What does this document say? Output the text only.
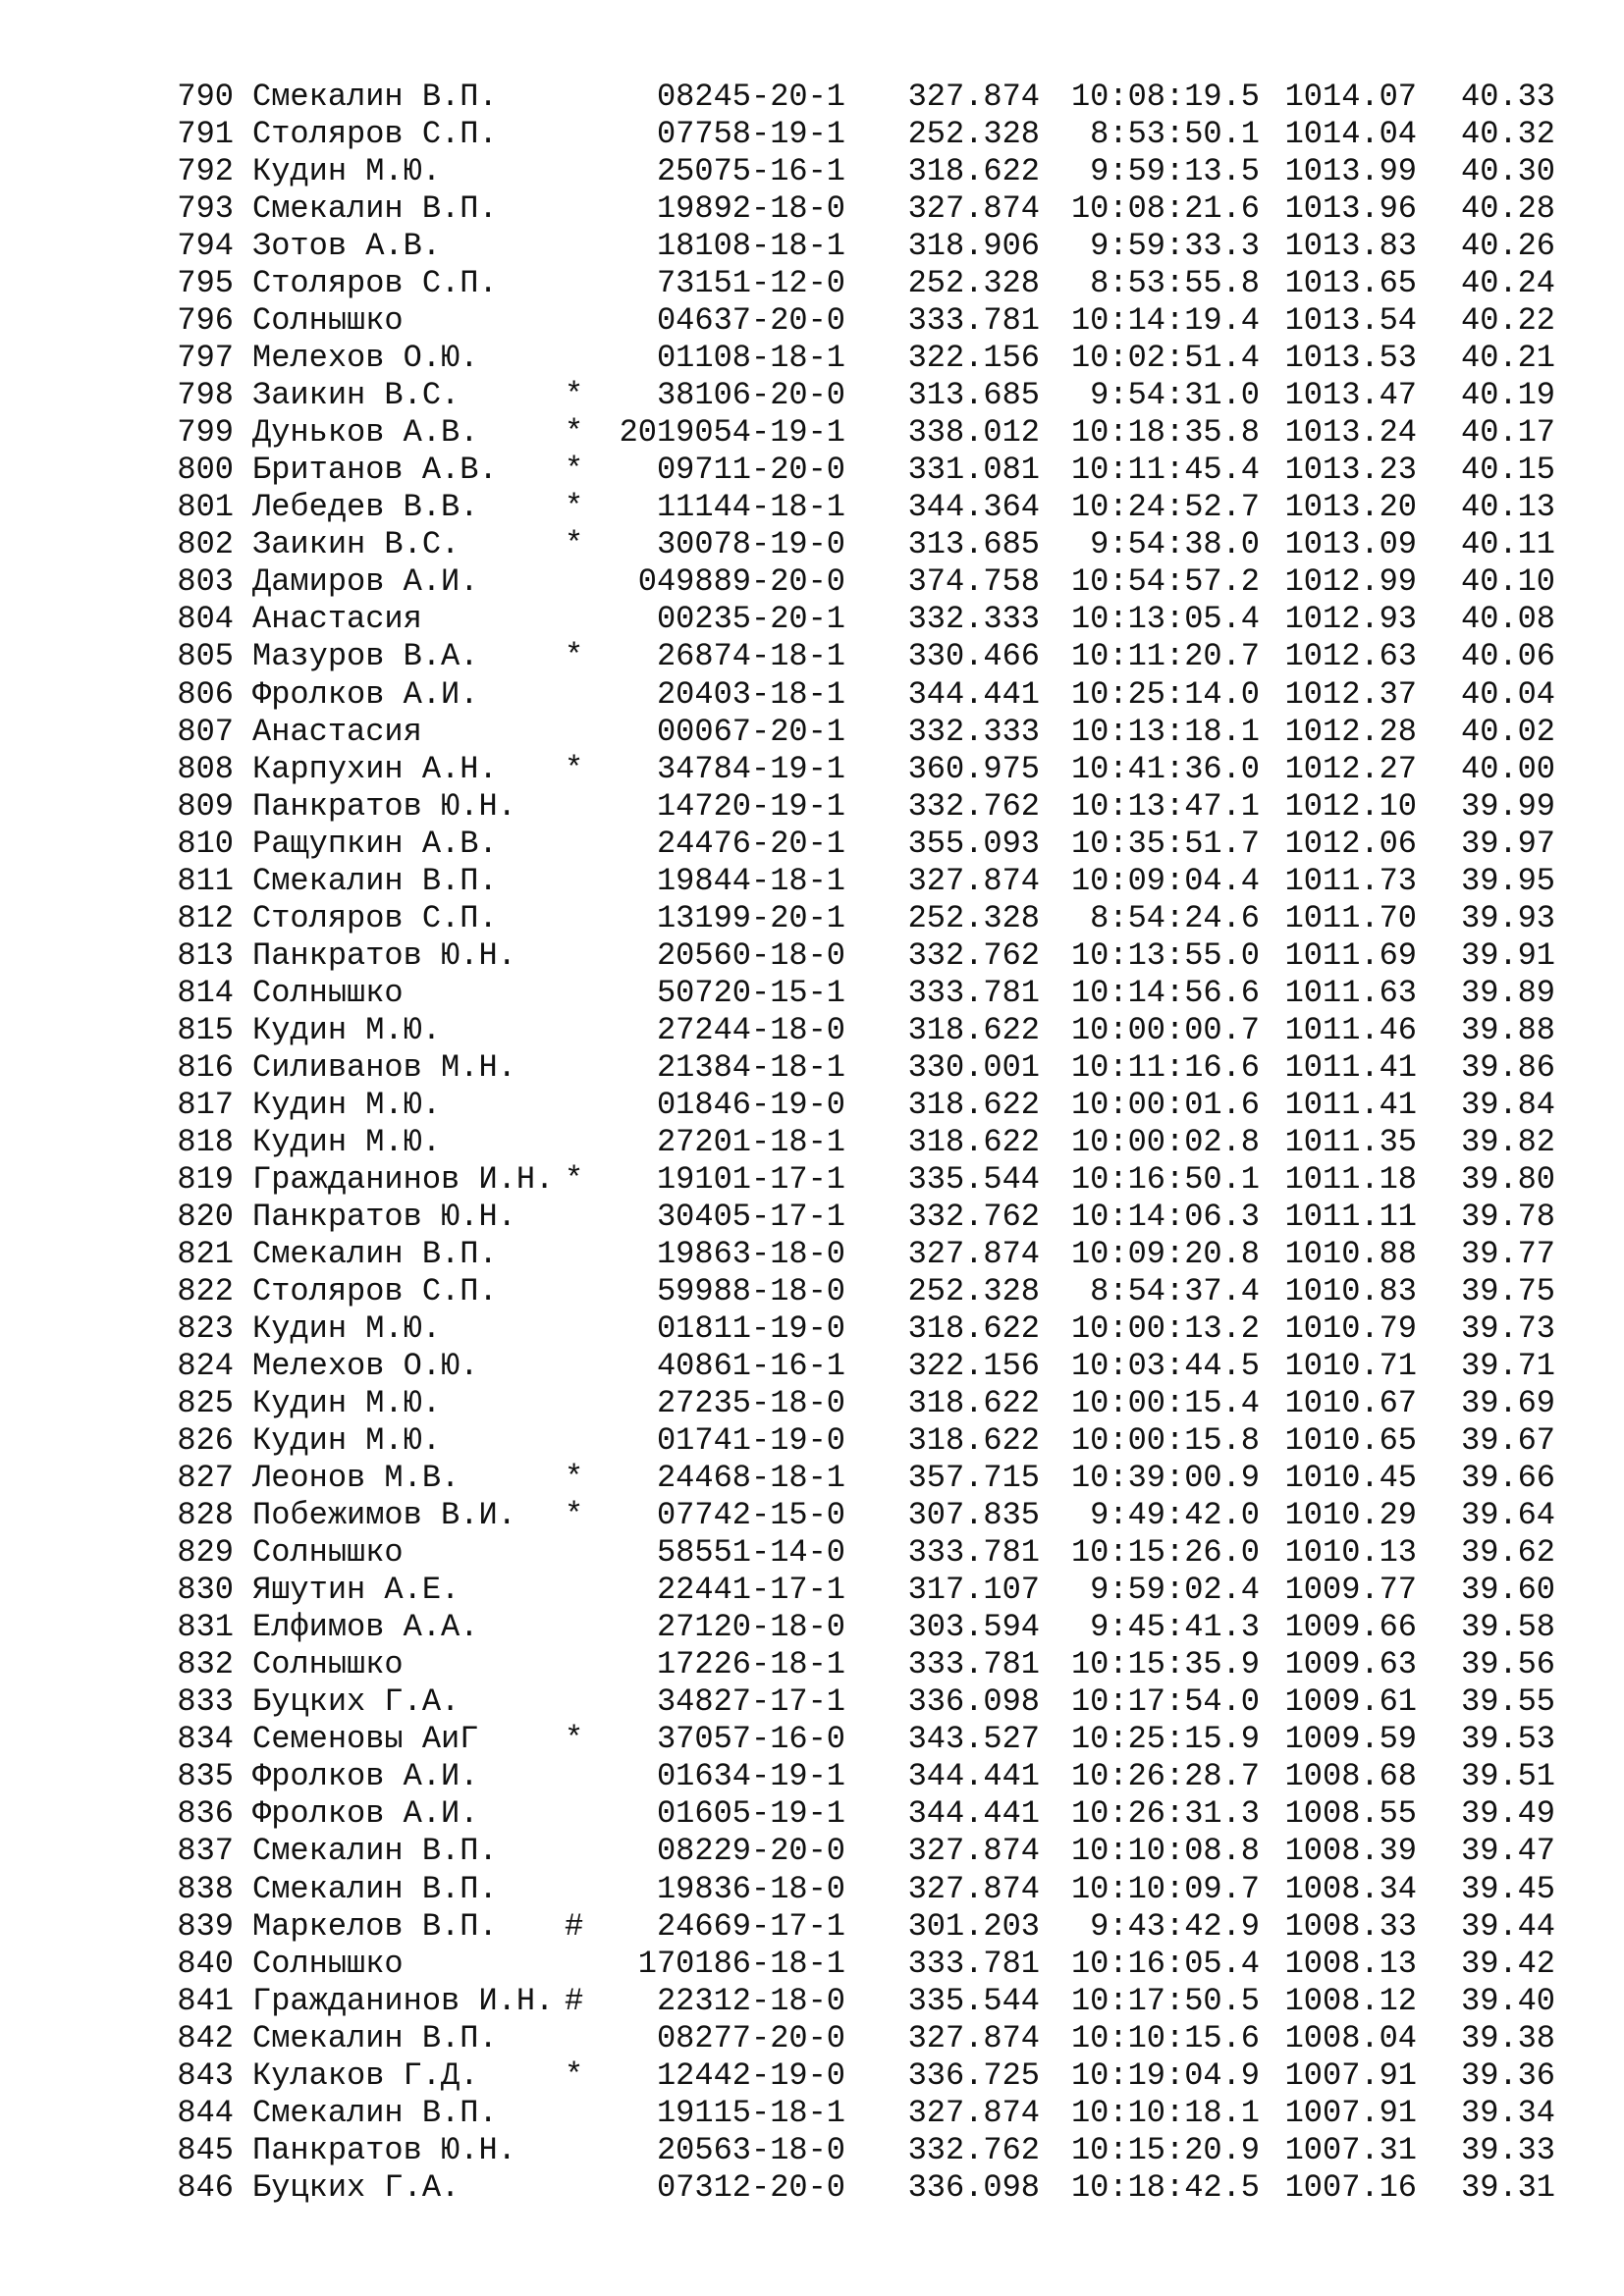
790 Смекалин В.П.	08245-20-1	327.874 10:08:19.5 1014.07	40.33
791 Столяров С.П.	07758-19-1	252.328	8:53:50.1 1014.04	40.32
792 Кудин М.Ю.	25075-16-1	318.622	9:59:13.5 1013.99	40.30
793 Смекалин В.П.	19892-18-0	327.874 10:08:21.6 1013.96	40.28
794 Зотов А.В.	18108-18-1	318.906	9:59:33.3 1013.83	40.26
795 Столяров С.П.	73151-12-0	252.328	8:53:55.8 1013.65	40.24
796 Солнышко	04637-20-0	333.781 10:14:19.4 1013.54	40.22
797 Мелехов О.Ю.	01108-18-1	322.156 10:02:51.4 1013.53	40.21
798 Заикин В.С.	*	38106-20-0	313.685	9:54:31.0 1013.47	40.19
799 Дуньков А.В.	*	2019054-19-1	338.012 10:18:35.8 1013.24	40.17
800 Британов А.В.	*	09711-20-0	331.081 10:11:45.4 1013.23	40.15
801 Лебедев В.В.	*	11144-18-1	344.364 10:24:52.7 1013.20	40.13
802 Заикин В.С.	*	30078-19-0	313.685	9:54:38.0 1013.09	40.11
803 Дамиров А.И.	049889-20-0	374.758 10:54:57.2 1012.99	40.10
804 Анастасия	00235-20-1	332.333 10:13:05.4 1012.93	40.08
805 Мазуров В.А.	*	26874-18-1	330.466 10:11:20.7 1012.63	40.06
806 Фролков А.И.	20403-18-1	344.441 10:25:14.0 1012.37	40.04
807 Анастасия	00067-20-1	332.333 10:13:18.1 1012.28	40.02
808 Карпухин А.Н.	*	34784-19-1	360.975 10:41:36.0 1012.27	40.00
809 Панкратов Ю.Н.	14720-19-1	332.762 10:13:47.1 1012.10	39.99
810 Ращупкин А.В.	24476-20-1	355.093 10:35:51.7 1012.06	39.97
811 Смекалин В.П.	19844-18-1	327.874 10:09:04.4 1011.73	39.95
812 Столяров С.П.	13199-20-1	252.328	8:54:24.6 1011.70	39.93
813 Панкратов Ю.Н.	20560-18-0	332.762 10:13:55.0 1011.69	39.91
814 Солнышко	50720-15-1	333.781 10:14:56.6 1011.63	39.89
815 Кудин М.Ю.	27244-18-0	318.622 10:00:00.7 1011.46	39.88
816 Силиванов М.Н.	21384-18-1	330.001 10:11:16.6 1011.41	39.86
817 Кудин М.Ю.	01846-19-0	318.622 10:00:01.6 1011.41	39.84
818 Кудин М.Ю.	27201-18-1	318.622 10:00:02.8 1011.35	39.82
819 Гражданинов И.Н. *	19101-17-1	335.544 10:16:50.1 1011.18	39.80
820 Панкратов Ю.Н.	30405-17-1	332.762 10:14:06.3 1011.11	39.78
821 Смекалин В.П.	19863-18-0	327.874 10:09:20.8 1010.88	39.77
822 Столяров С.П.	59988-18-0	252.328	8:54:37.4 1010.83	39.75
823 Кудин М.Ю.	01811-19-0	318.622 10:00:13.2 1010.79	39.73
824 Мелехов О.Ю.	40861-16-1	322.156 10:03:44.5 1010.71	39.71
825 Кудин М.Ю.	27235-18-0	318.622 10:00:15.4 1010.67	39.69
826 Кудин М.Ю.	01741-19-0	318.622 10:00:15.8 1010.65	39.67
827 Леонов М.В.	*	24468-18-1	357.715 10:39:00.9 1010.45	39.66
828 Побежимов В.И.	*	07742-15-0	307.835	9:49:42.0 1010.29	39.64
829 Солнышко	58551-14-0	333.781 10:15:26.0 1010.13	39.62
830 Яшутин А.Е.	22441-17-1	317.107	9:59:02.4 1009.77	39.60
831 Елфимов А.А.	27120-18-0	303.594	9:45:41.3 1009.66	39.58
832 Солнышко	17226-18-1	333.781 10:15:35.9 1009.63	39.56
833 Буцких Г.А.	34827-17-1	336.098 10:17:54.0 1009.61	39.55
834 Семеновы АиГ	*	37057-16-0	343.527 10:25:15.9 1009.59	39.53
835 Фролков А.И.	01634-19-1	344.441 10:26:28.7 1008.68	39.51
836 Фролков А.И.	01605-19-1	344.441 10:26:31.3 1008.55	39.49
837 Смекалин В.П.	08229-20-0	327.874 10:10:08.8 1008.39	39.47
838 Смекалин В.П.	19836-18-0	327.874 10:10:09.7 1008.34	39.45
839 Маркелов В.П.	#	24669-17-1	301.203	9:43:42.9 1008.33	39.44
840 Солнышко	170186-18-1	333.781 10:16:05.4 1008.13	39.42
841 Гражданинов И.Н. #	22312-18-0	335.544 10:17:50.5 1008.12	39.40
842 Смекалин В.П.	08277-20-0	327.874 10:10:15.6 1008.04	39.38
843 Кулаков Г.Д.	*	12442-19-0	336.725 10:19:04.9 1007.91	39.36
844 Смекалин В.П.	19115-18-1	327.874 10:10:18.1 1007.91	39.34
845 Панкратов Ю.Н.	20563-18-0	332.762 10:15:20.9 1007.31	39.33
846 Буцких Г.А.	07312-20-0	336.098 10:18:42.5 1007.16	39.31
